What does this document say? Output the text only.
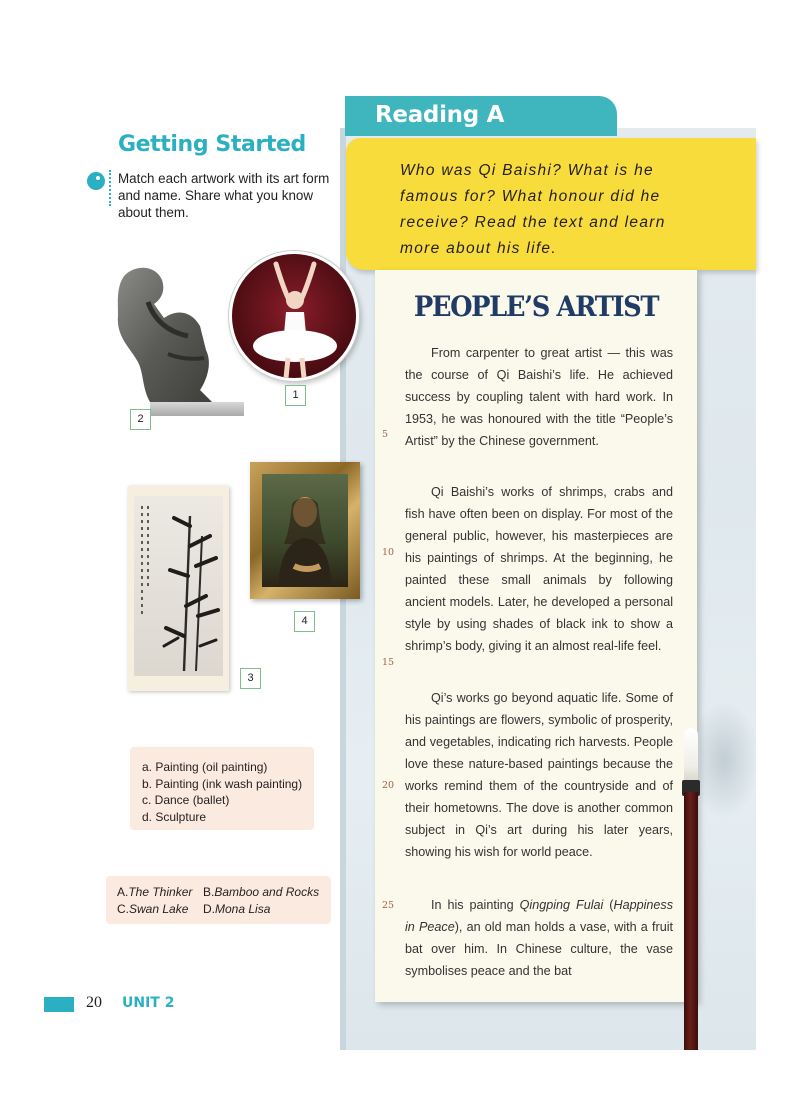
Reading A

Who was Qi Baishi? What is he famous for? What honour did he receive? Read the text and learn more about his life.

PEOPLE’S ARTIST

From carpenter to great artist — this was the course of Qi Baishi’s life. He achieved success by coupling talent with hard work. In 1953, he was honoured with the title “People’s Artist” by the Chinese government.

Qi Baishi’s works of shrimps, crabs and fish have often been on display. For most of the general public, however, his masterpieces are his paintings of shrimps. At the beginning, he painted these small animals by following ancient models. Later, he developed a personal style by using shades of black ink to show a shrimp’s body, giving it an almost real-life feel.

Qi’s works go beyond aquatic life. Some of his paintings are flowers, symbolic of prosperity, and vegetables, indicating rich harvests. People love these nature-based paintings because the works remind them of the countryside and of their hometowns. The dove is another common subject in Qi’s art during his later years, showing his wish for world peace.

In his painting Qingping Fulai (Happiness in Peace), an old man holds a vase, with a fruit bat over him. In Chinese culture, the vase symbolises peace and the bat

5
10
15
20
25
Getting Started

Match each artwork with its art form and name. Share what you know about them.

1
2
3
4
a. Painting (oil painting)
b. Painting (ink wash painting)
c. Dance (ballet)
d. Sculpture
A.The Thinker B.Bamboo and Rocks
C.Swan Lake D.Mona Lisa
20 UNIT 2
